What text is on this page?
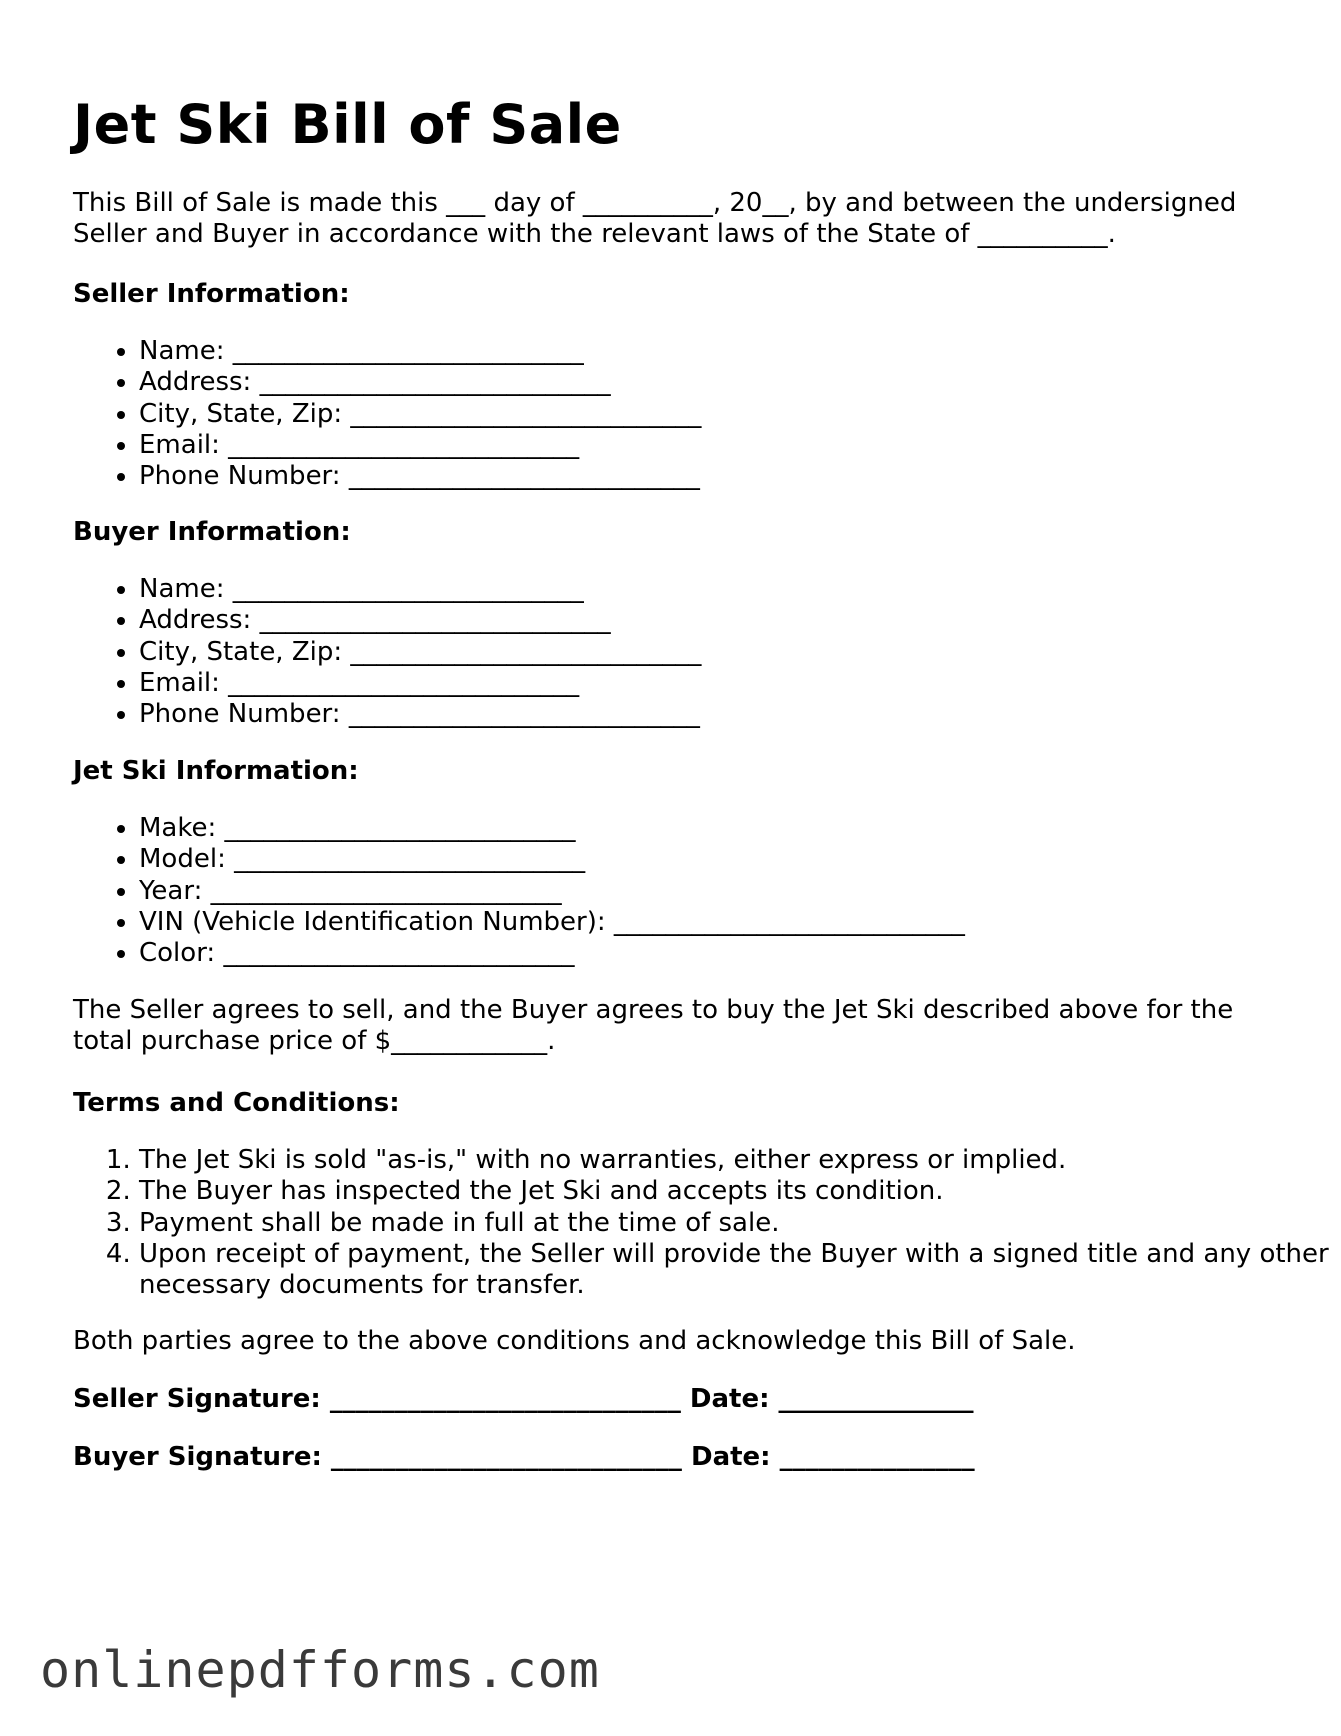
Jet Ski Bill of Sale

This Bill of Sale is made this ___ day of __________, 20__, by and between the undersigned Seller and Buyer in accordance with the relevant laws of the State of __________.

Seller Information:

• Name: ___________________________
• Address: ___________________________
• City, State, Zip: ___________________________
• Email: ___________________________
• Phone Number: ___________________________

Buyer Information:

• Name: ___________________________
• Address: ___________________________
• City, State, Zip: ___________________________
• Email: ___________________________
• Phone Number: ___________________________

Jet Ski Information:

• Make: ___________________________
• Model: ___________________________
• Year: ___________________________
• VIN (Vehicle Identification Number): ___________________________
• Color: ___________________________

The Seller agrees to sell, and the Buyer agrees to buy the Jet Ski described above for the total purchase price of $____________.

Terms and Conditions:

1. The Jet Ski is sold "as-is," with no warranties, either express or implied.
2. The Buyer has inspected the Jet Ski and accepts its condition.
3. Payment shall be made in full at the time of sale.
4. Upon receipt of payment, the Seller will provide the Buyer with a signed title and any other necessary documents for transfer.

Both parties agree to the above conditions and acknowledge this Bill of Sale.

Seller Signature: ___________________________ Date: _______________

Buyer Signature: ___________________________ Date: _______________

onlinepdfforms.com
